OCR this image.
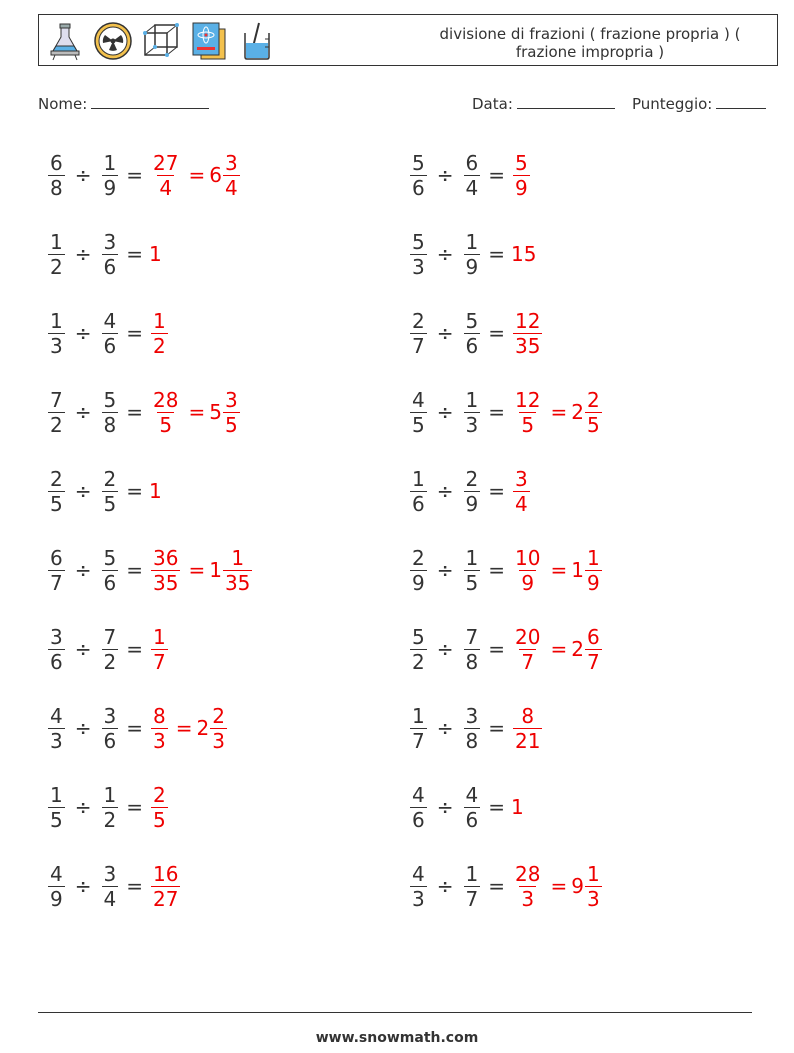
divisione di frazioni ( frazione propria ) ( frazione impropria )
Nome:	Data:	Punteggio:
$\frac{6}{8} \div \frac{1}{9} = \frac{27}{4} = 6 \frac{3}{4}$	$\frac{5}{6} \div \frac{6}{4} = \frac{5}{9}$
$\frac{1}{2} \div \frac{3}{6} = 1$	$\frac{5}{3} \div \frac{1}{9} = 15$
$\frac{1}{3} \div \frac{4}{6} = \frac{1}{2}$	$\frac{2}{7} \div \frac{5}{6} = \frac{12}{35}$
$\frac{7}{2} \div \frac{5}{8} = \frac{28}{5} = 5 \frac{3}{5}$	$\frac{4}{5} \div \frac{1}{3} = \frac{12}{5} = 2 \frac{2}{5}$
$\frac{2}{5} \div \frac{2}{5} = 1$	$\frac{1}{6} \div \frac{2}{9} = \frac{3}{4}$
$\frac{6}{7} \div \frac{5}{6} = \frac{36}{35} = 1 \frac{1}{35}$	$\frac{2}{9} \div \frac{1}{5} = \frac{10}{9} = 1 \frac{1}{9}$
$\frac{3}{6} \div \frac{7}{2} = \frac{1}{7}$	$\frac{5}{2} \div \frac{7}{8} = \frac{20}{7} = 2 \frac{6}{7}$
$\frac{4}{3} \div \frac{3}{6} = \frac{8}{3} = 2 \frac{2}{3}$	$\frac{1}{7} \div \frac{3}{8} = \frac{8}{21}$
$\frac{1}{5} \div \frac{1}{2} = \frac{2}{5}$	$\frac{4}{6} \div \frac{4}{6} = 1$
$\frac{4}{9} \div \frac{3}{4} = \frac{16}{27}$	$\frac{4}{3} \div \frac{1}{7} = \frac{28}{3} = 9 \frac{1}{3}$
www.snowmath.com
